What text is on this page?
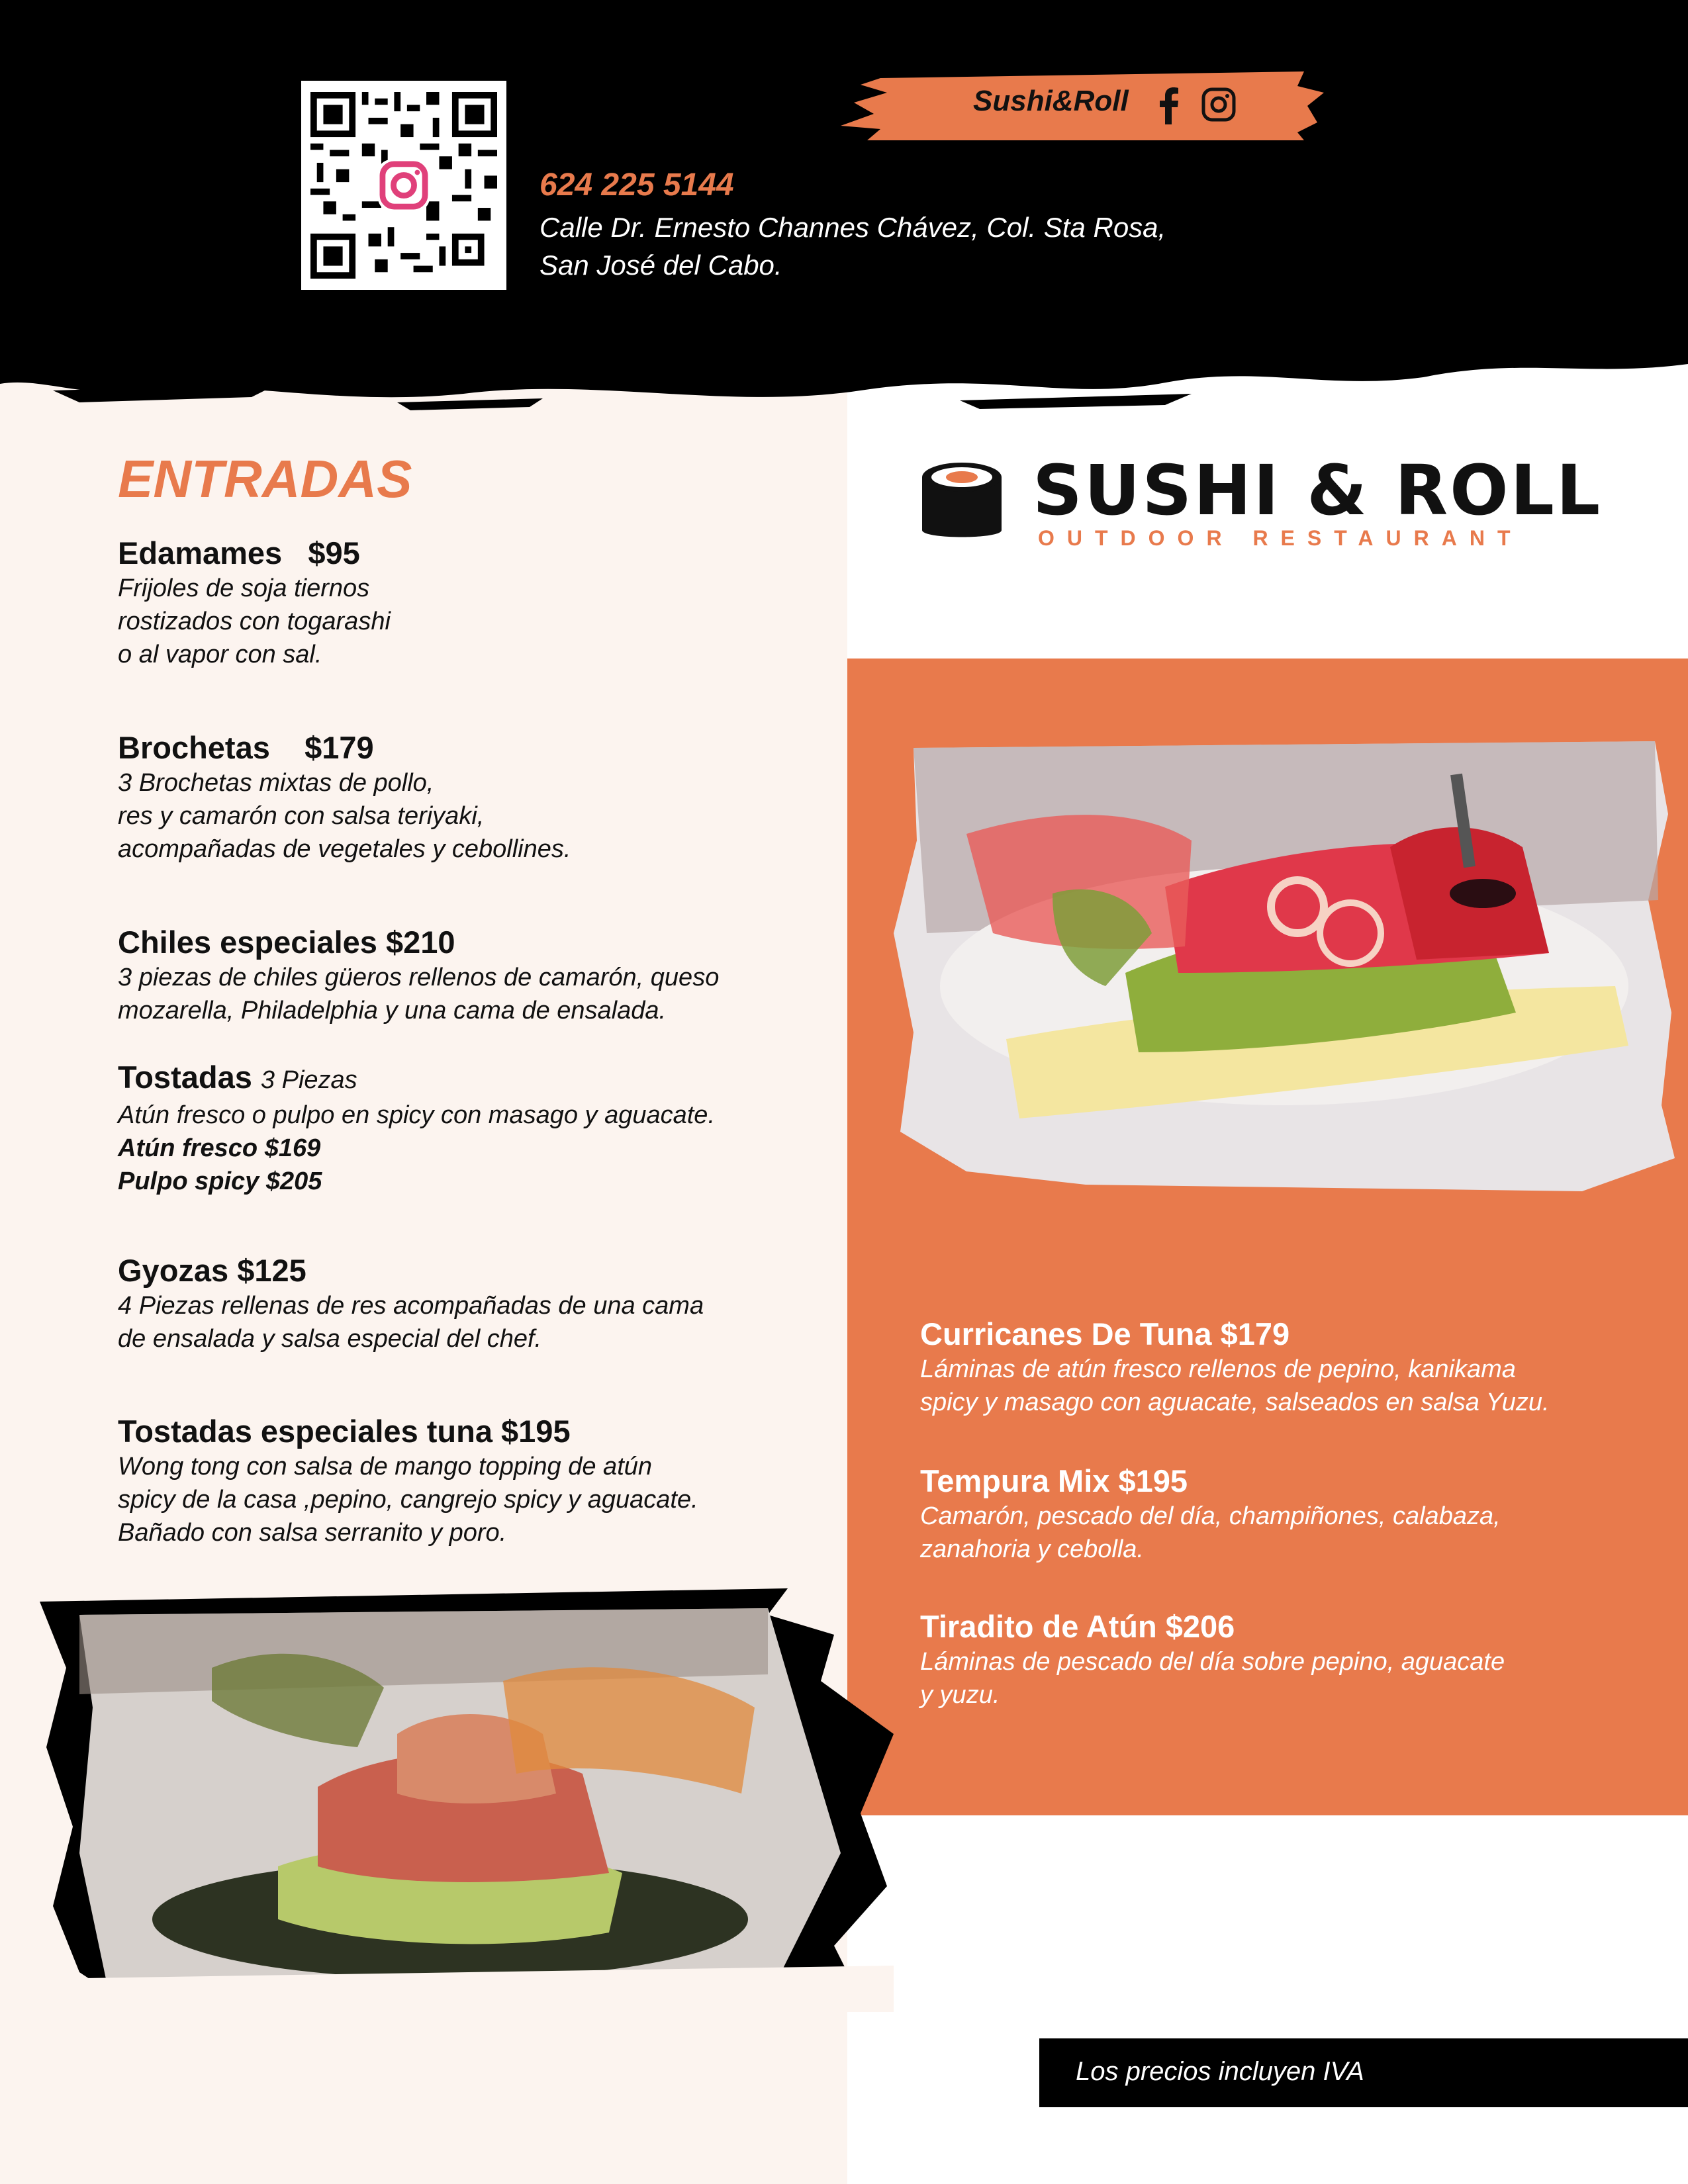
Sushi&Roll
624 225 5144
Calle Dr. Ernesto Channes Chávez, Col. Sta Rosa,
San José del Cabo.
SUSHI & ROLL
OUTDOOR RESTAURANT
ENTRADAS
Edamames   $95
Frijoles de soja tiernos
rostizados con togarashi
o al vapor con sal.
Brochetas    $179
3 Brochetas mixtas de pollo,
res y camarón con salsa teriyaki,
acompañadas de vegetales y cebollines.
Chiles especiales $210
3 piezas de chiles güeros rellenos de camarón, queso
mozarella, Philadelphia y una cama de ensalada.
Tostadas 3 Piezas
Atún fresco o pulpo en spicy con masago y aguacate.
Atún fresco $169
Pulpo spicy $205
Gyozas $125
4 Piezas rellenas de res acompañadas de una cama
de ensalada y salsa especial del chef.
Tostadas especiales tuna $195
Wong tong con salsa de mango topping de atún
spicy de la casa ,pepino, cangrejo spicy y aguacate.
Bañado con salsa serranito y poro.
Curricanes De Tuna $179
Láminas de atún fresco rellenos de pepino, kanikama
spicy y masago con aguacate, salseados en salsa Yuzu.
Tempura Mix $195
Camarón, pescado del día, champiñones, calabaza,
zanahoria y cebolla.
Tiradito de Atún $206
Láminas de pescado del día sobre pepino, aguacate
y yuzu.
Los precios incluyen IVA
